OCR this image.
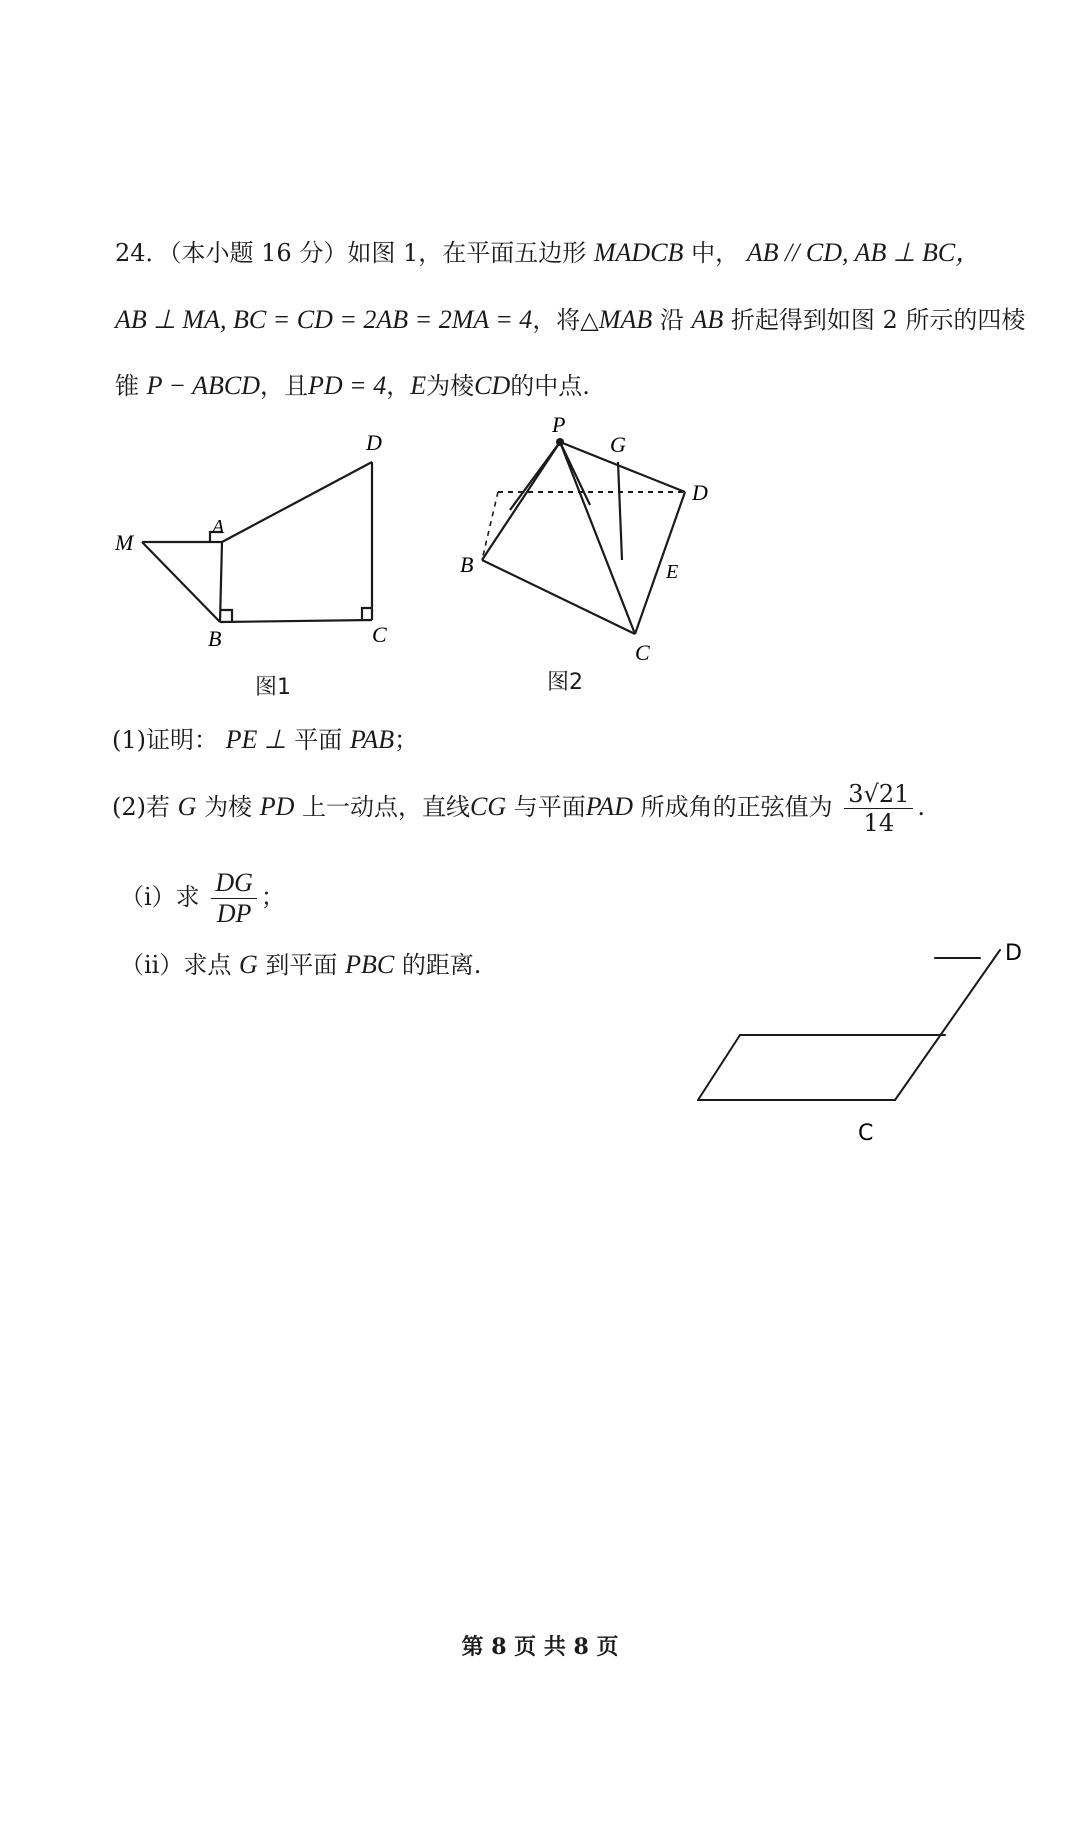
24．（本小题 16 分）如图 1，在平面五边形 MADCB 中， AB // CD, AB ⊥ BC，
AB ⊥ MA, BC = CD = 2AB = 2MA = 4，将△MAB 沿 AB 折起得到如图 2 所示的四棱
锥 P − ABCD，且PD = 4，E为棱CD的中点.
M
A
B	C
D
图1
P
G
D
B
C
E
图2
(1)证明： PE ⊥ 平面 PAB；
(2)若 G 为棱 PD 上一动点，直线CG 与平面PAD 所成角的正弦值为 $\frac{3√21}{14}$ .
（i）求 $\frac{DG}{DP}$ ；
（ii）求点 G 到平面 PBC 的距离.	D
C
第 8 页 共 8 页
